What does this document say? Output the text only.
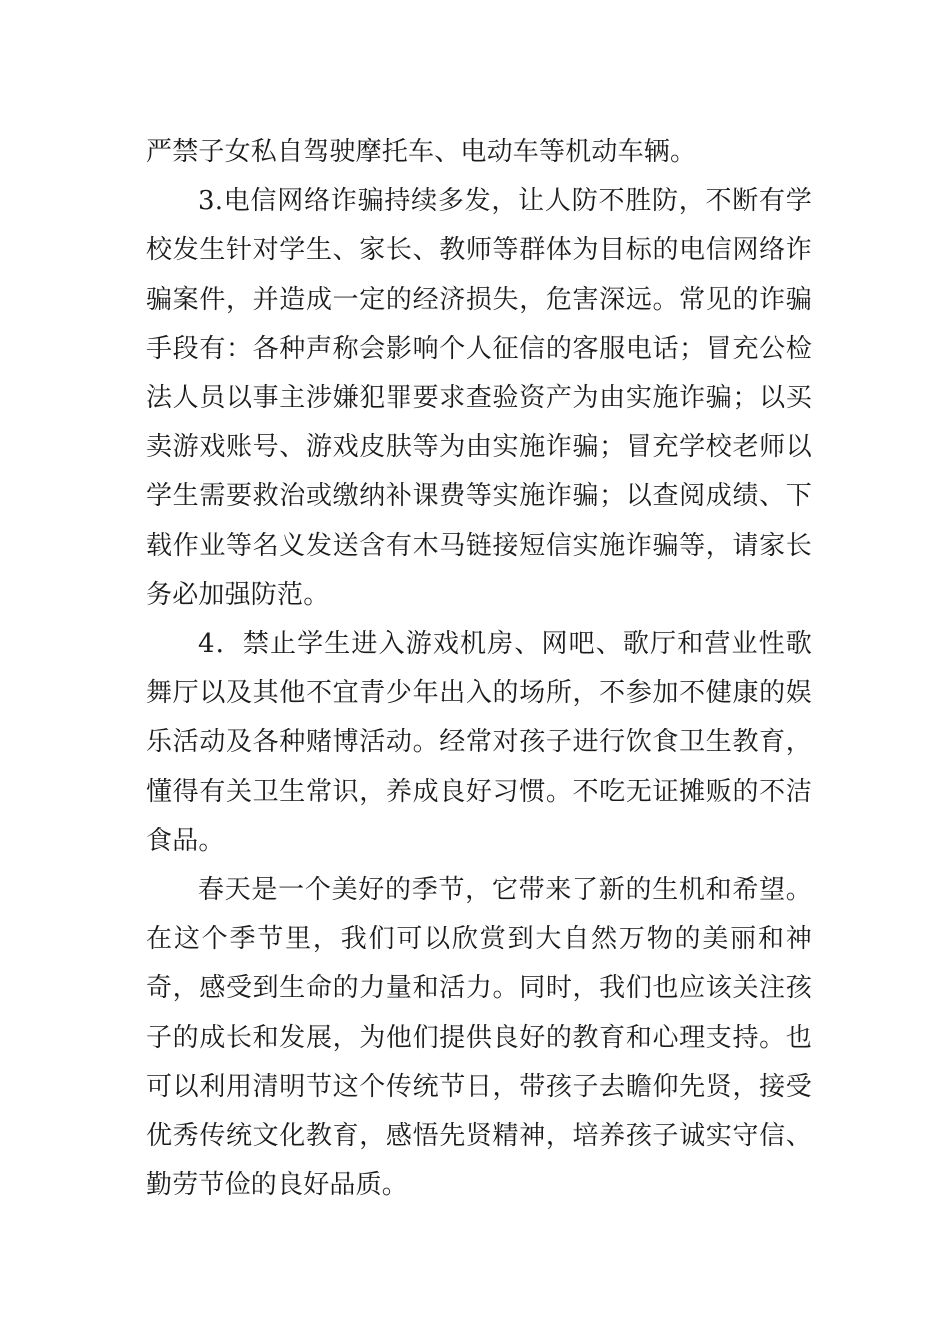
严禁子女私自驾驶摩托车、电动车等机动车辆。

3.电信网络诈骗持续多发，让人防不胜防，不断有学校发生针对学生、家长、教师等群体为目标的电信网络诈骗案件，并造成一定的经济损失，危害深远。常见的诈骗手段有：各种声称会影响个人征信的客服电话；冒充公检法人员以事主涉嫌犯罪要求查验资产为由实施诈骗；以买卖游戏账号、游戏皮肤等为由实施诈骗；冒充学校老师以学生需要救治或缴纳补课费等实施诈骗；以查阅成绩、下载作业等名义发送含有木马链接短信实施诈骗等，请家长务必加强防范。

4．禁止学生进入游戏机房、网吧、歌厅和营业性歌舞厅以及其他不宜青少年出入的场所，不参加不健康的娱乐活动及各种赌博活动。经常对孩子进行饮食卫生教育，懂得有关卫生常识，养成良好习惯。不吃无证摊贩的不洁食品。

春天是一个美好的季节，它带来了新的生机和希望。在这个季节里，我们可以欣赏到大自然万物的美丽和神奇，感受到生命的力量和活力。同时，我们也应该关注孩子的成长和发展，为他们提供良好的教育和心理支持。也可以利用清明节这个传统节日，带孩子去瞻仰先贤，接受优秀传统文化教育，感悟先贤精神，培养孩子诚实守信、勤劳节俭的良好品质。
